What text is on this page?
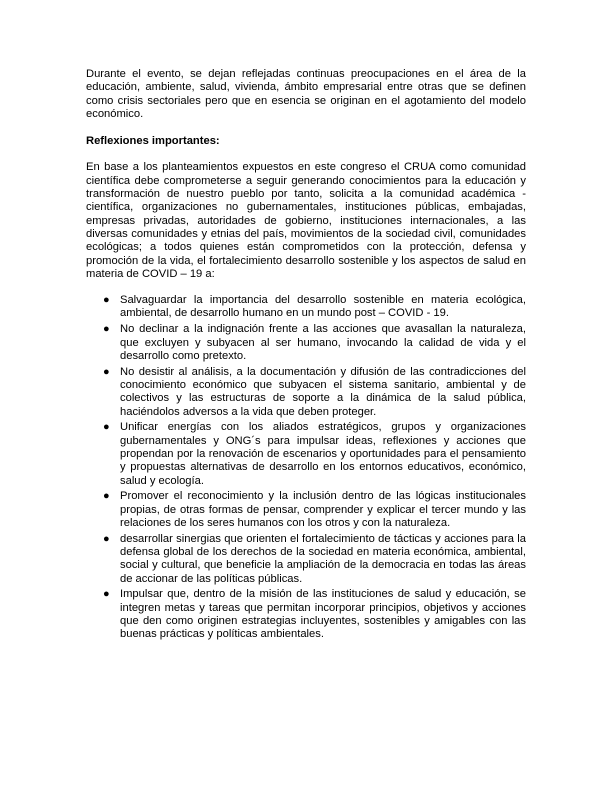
Durante el evento, se dejan reflejadas continuas preocupaciones en el área de la educación, ambiente, salud, vivienda, ámbito empresarial entre otras que se definen como crisis sectoriales pero que en esencia se originan en el agotamiento del modelo económico.

Reflexiones importantes:

En base a los planteamientos expuestos en este congreso el CRUA como comunidad científica debe comprometerse a seguir generando conocimientos para la educación y transformación de nuestro pueblo por tanto, solicita a la comunidad académica - científica, organizaciones no gubernamentales, instituciones públicas, embajadas, empresas privadas, autoridades de gobierno, instituciones internacionales, a las diversas comunidades y etnias del país, movimientos de la sociedad civil, comunidades ecológicas; a todos quienes están comprometidos con la protección, defensa y promoción de la vida, el fortalecimiento desarrollo sostenible y los aspectos de salud en materia de COVID – 19 a:

● Salvaguardar la importancia del desarrollo sostenible en materia ecológica, ambiental, de desarrollo humano en un mundo post – COVID - 19.
● No declinar a la indignación frente a las acciones que avasallan la naturaleza, que excluyen y subyacen al ser humano, invocando la calidad de vida y el desarrollo como pretexto.
● No desistir al análisis, a la documentación y difusión de las contradicciones del conocimiento económico que subyacen el sistema sanitario, ambiental y de colectivos y las estructuras de soporte a la dinámica de la salud pública, haciéndolos adversos a la vida que deben proteger.
● Unificar energías con los aliados estratégicos, grupos y organizaciones gubernamentales y ONG´s para impulsar ideas, reflexiones y acciones que propendan por la renovación de escenarios y oportunidades para el pensamiento y propuestas alternativas de desarrollo en los entornos educativos, económico, salud y ecología.
● Promover el reconocimiento y la inclusión dentro de las lógicas institucionales propias, de otras formas de pensar, comprender y explicar el tercer mundo y las relaciones de los seres humanos con los otros y con la naturaleza.
● desarrollar sinergias que orienten el fortalecimiento de tácticas y acciones para la defensa global de los derechos de la sociedad en materia económica, ambiental, social y cultural, que beneficie la ampliación de la democracia en todas las áreas de accionar de las políticas públicas.
● Impulsar que, dentro de la misión de las instituciones de salud y educación, se integren metas y tareas que permitan incorporar principios, objetivos y acciones que den como originen estrategias incluyentes, sostenibles y amigables con las buenas prácticas y políticas ambientales.
